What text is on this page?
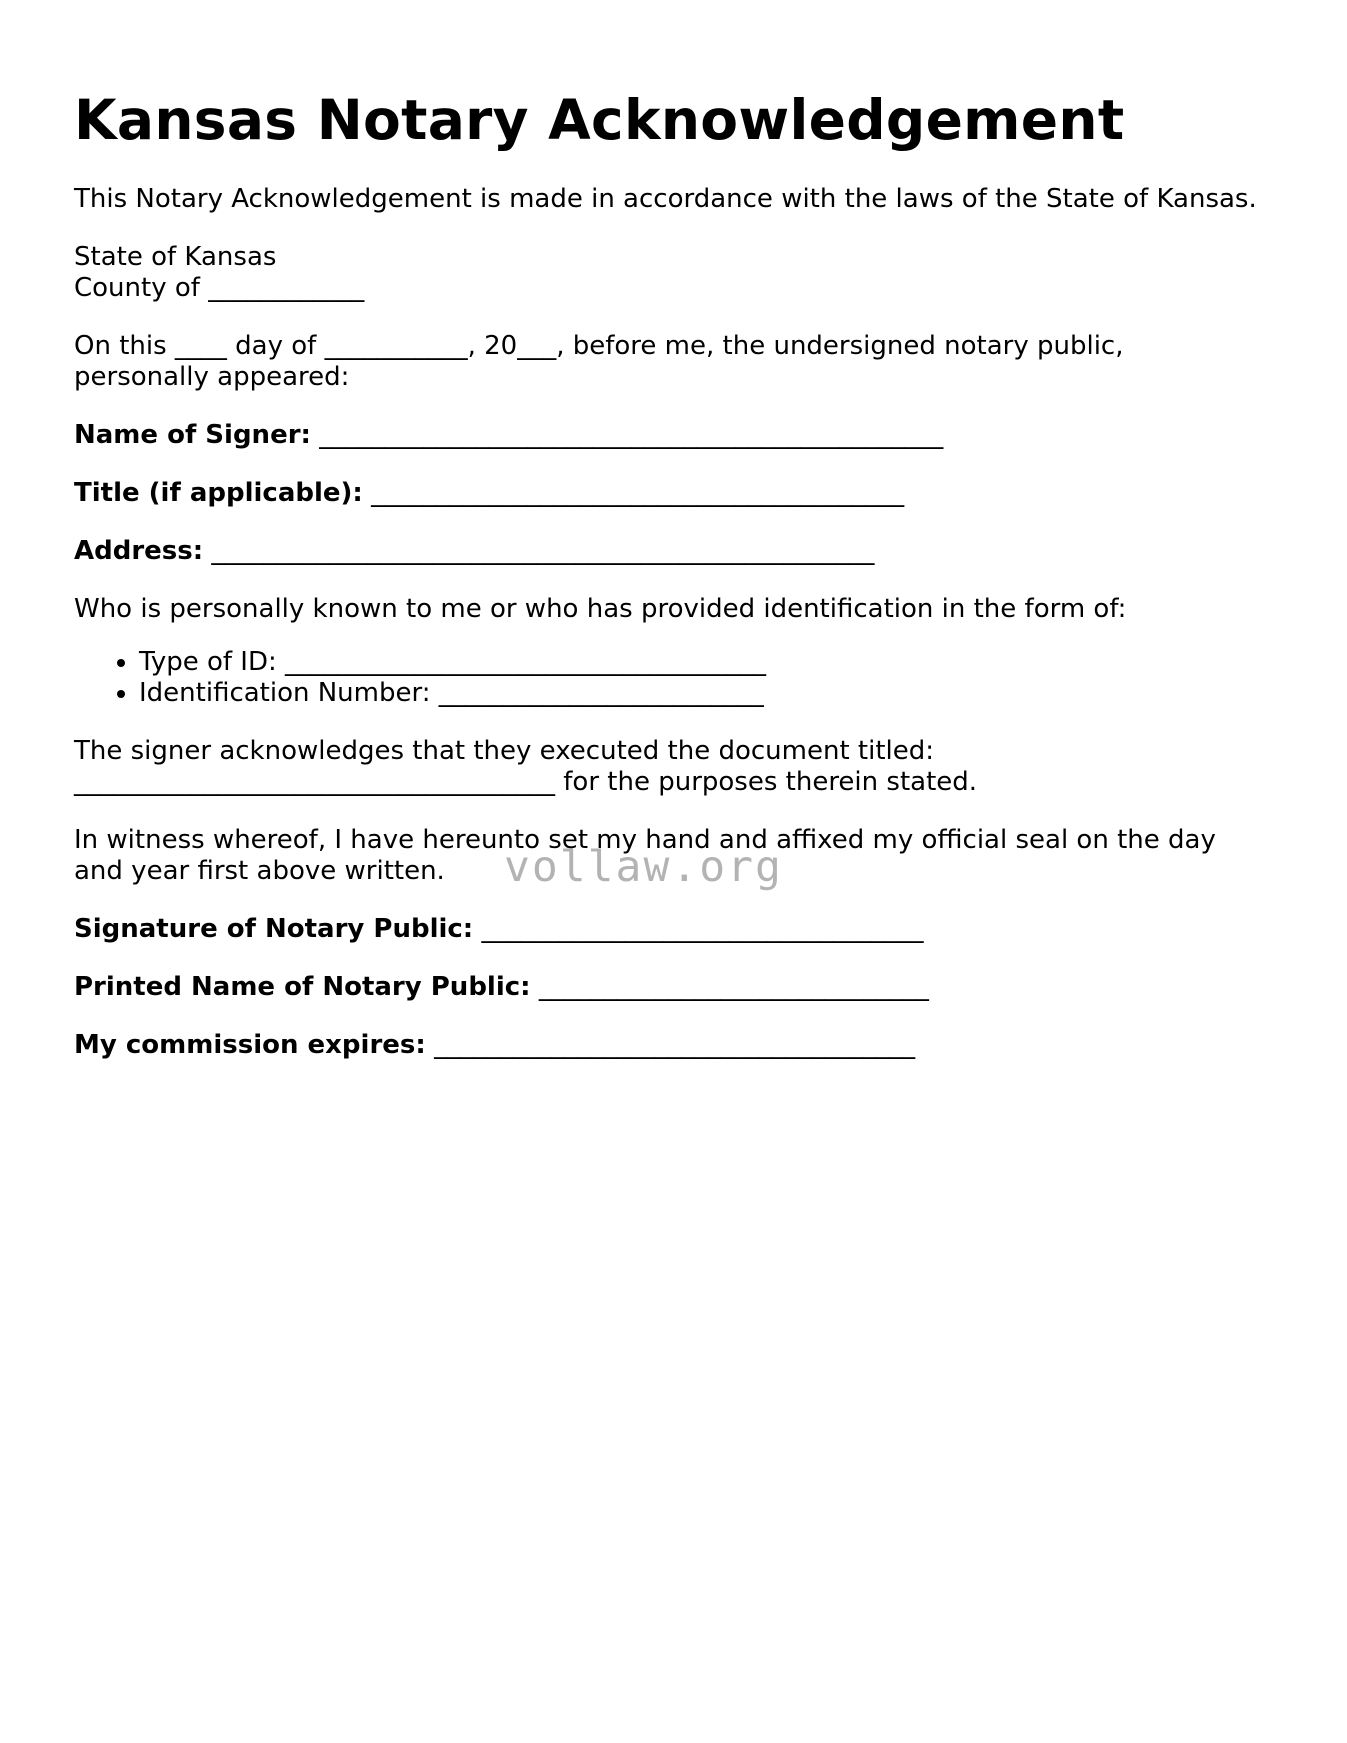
Kansas Notary Acknowledgement

This Notary Acknowledgement is made in accordance with the laws of the State of Kansas.

State of Kansas
County of ____________

On this ____ day of ___________, 20___, before me, the undersigned notary public,
personally appeared:

Name of Signer: ________________________________________________

Title (if applicable): _________________________________________

Address: ___________________________________________________

Who is personally known to me or who has provided identification in the form of:

• Type of ID: _____________________________________
• Identification Number: _________________________

The signer acknowledges that they executed the document titled:
_____________________________________ for the purposes therein stated.

In witness whereof, I have hereunto set my hand and affixed my official seal on the day
and year first above written.

Signature of Notary Public: __________________________________

Printed Name of Notary Public: ______________________________

My commission expires: _____________________________________

vollaw.org
